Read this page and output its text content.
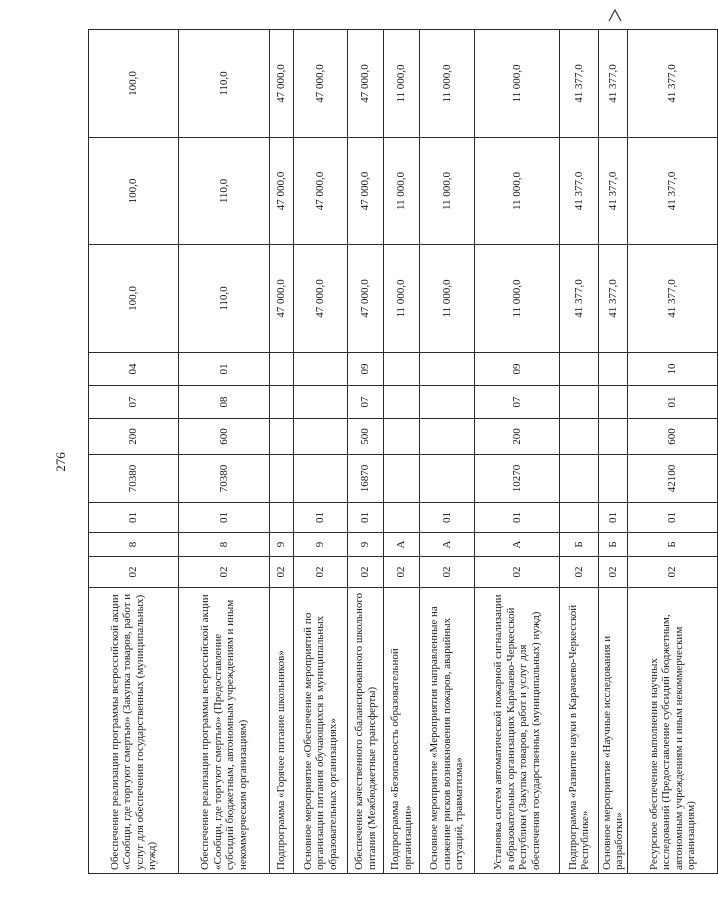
276
Обеспечение реализации программы всероссийской акции «Сообщи, где торгуют смертью» (Закупка товаров, работ и услуг для обеспечения государственных (муниципальных) нужд)	02	8	01	70380	200	07	04	100,0	100,0	100,0
Обеспечение реализации программы всероссийской акции «Сообщи, где торгуют смертью» (Предоставление субсидий бюджетным, автономным учреждениям и иным некоммерческим организациям)	02	8	01	70380	600	08	01	110,0	110,0	110,0
Подпрограмма «Горячее питание школьников»	02	9						47 000,0	47 000,0	47 000,0
Основное мероприятие «Обеспечение мероприятий по организации питания обучающихся в муниципальных образовательных организациях»	02	9	01					47 000,0	47 000,0	47 000,0
Обеспечение качественного сбалансированного школьного питания (Межбюджетные трансферты)	02	9	01	16870	500	07	09	47 000,0	47 000,0	47 000,0
Подпрограмма «Безопасность образовательной организации»	02	А						11 000,0	11 000,0	11 000,0
Основное мероприятие «Мероприятия направленные на снижение рисков возникновения пожаров, аварийных ситуаций, травматизма»	02	А	01					11 000,0	11 000,0	11 000,0
Установка систем автоматической пожарной сигнализации в образовательных организациях Карачаево-Черкесской Республики (Закупка товаров, работ и услуг для обеспечения государственных (муниципальных) нужд)	02	А	01	10270	200	07	09	11 000,0	11 000,0	11 000,0
Подпрограмма «Развитие науки в Карачаево-Черкесской Республике»	02	Б						41 377,0	41 377,0	41 377,0
Основное мероприятие «Научные исследования и разработки»	02	Б	01					41 377,0	41 377,0	41 377,0
Ресурсное обеспечение выполнения научных исследований (Предоставление субсидий бюджетным, автономным учреждениям и иным некоммерческим организациям)	02	Б	01	42100	600	01	10	41 377,0	41 377,0	41 377,0
